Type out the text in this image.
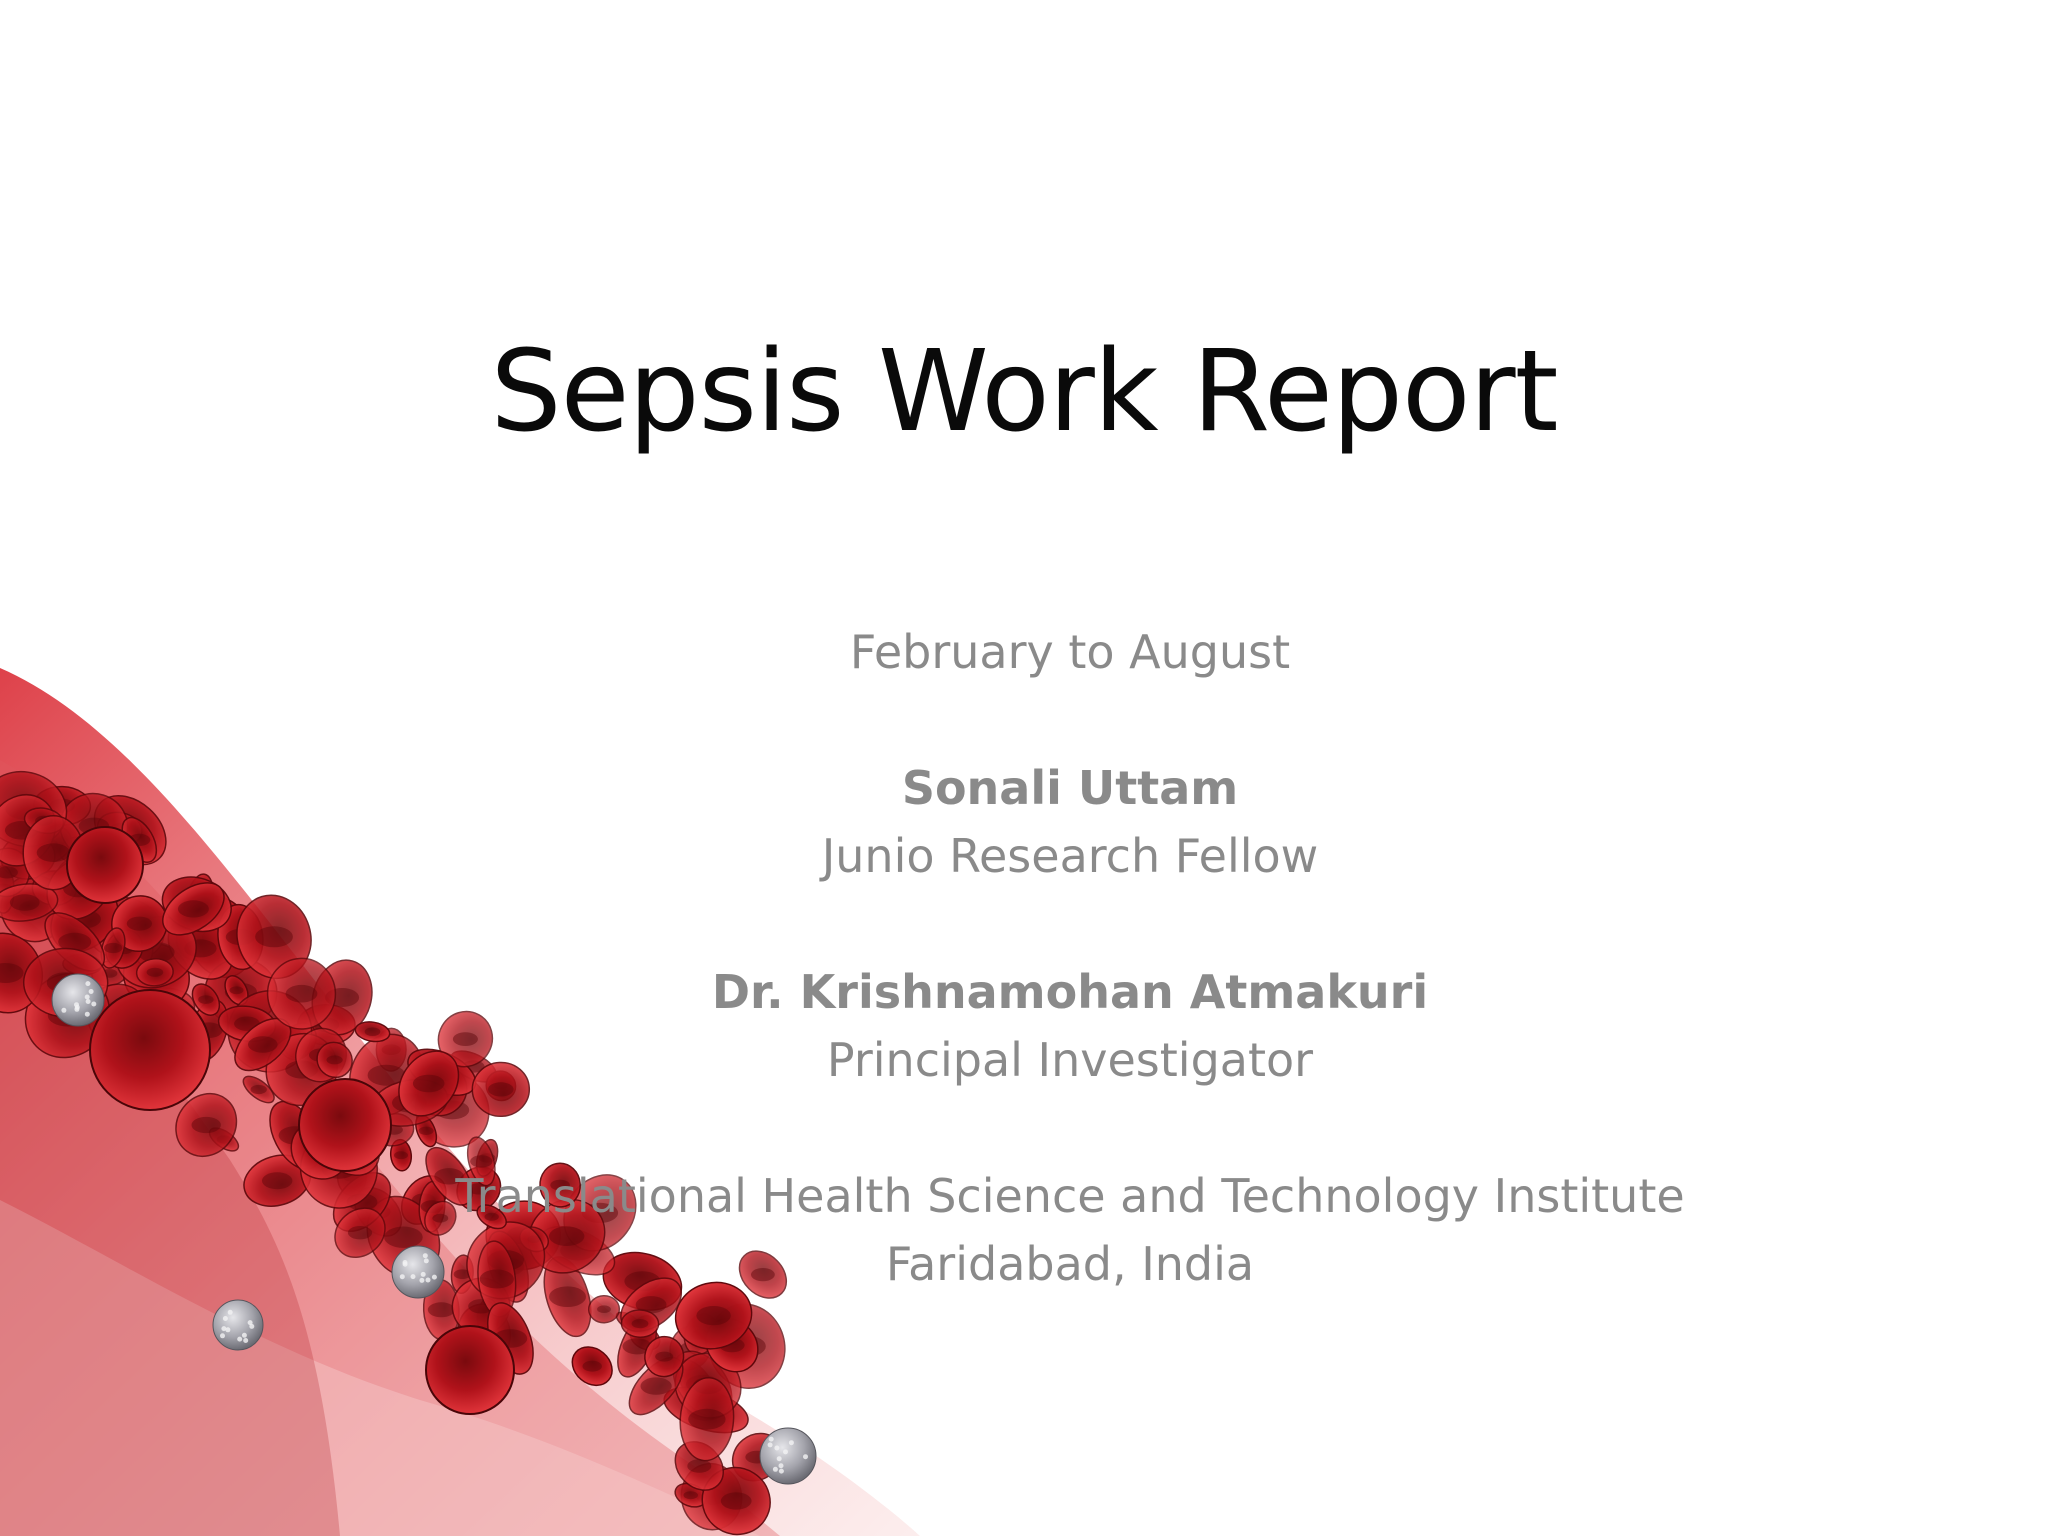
Sepsis Work Report
February to August
Sonali Uttam
Junio Research Fellow
Dr. Krishnamohan Atmakuri
Principal Investigator
Translational Health Science and Technology Institute
Faridabad, India
